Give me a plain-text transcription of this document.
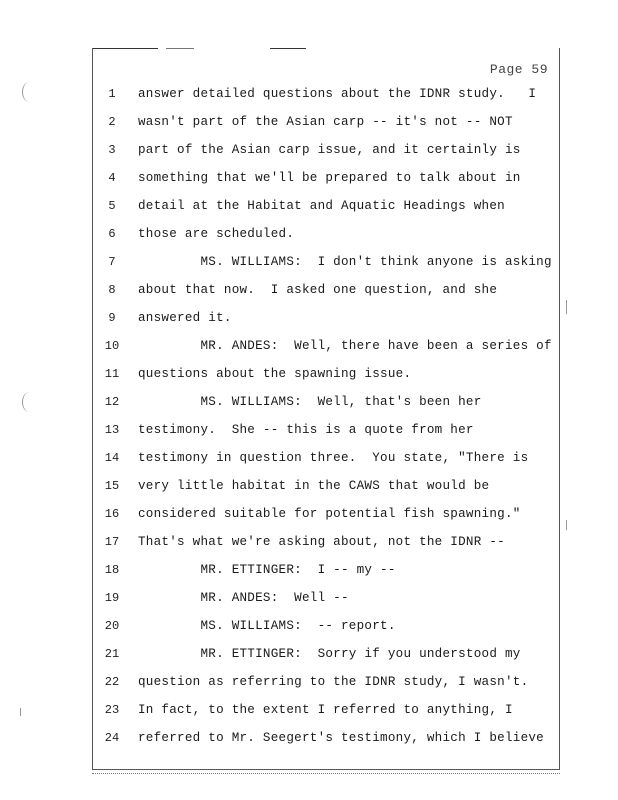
Page 59
1	answer detailed questions about the IDNR study.   I
2	wasn't part of the Asian carp -- it's not -- NOT
3	part of the Asian carp issue, and it certainly is
4	something that we'll be prepared to talk about in
5	detail at the Habitat and Aquatic Headings when
6	those are scheduled.
7	MS. WILLIAMS:  I don't think anyone is asking
8	about that now.  I asked one question, and she
9	answered it.
10	MR. ANDES:  Well, there have been a series of
11	questions about the spawning issue.
12	MS. WILLIAMS:  Well, that's been her
13	testimony.  She -- this is a quote from her
14	testimony in question three.  You state, "There is
15	very little habitat in the CAWS that would be
16	considered suitable for potential fish spawning."
17	That's what we're asking about, not the IDNR --
18	MR. ETTINGER:  I -- my --
19	MR. ANDES:  Well --
20	MS. WILLIAMS:  -- report.
21	MR. ETTINGER:  Sorry if you understood my
22	question as referring to the IDNR study, I wasn't.
23	In fact, to the extent I referred to anything, I
24	referred to Mr. Seegert's testimony, which I believe
